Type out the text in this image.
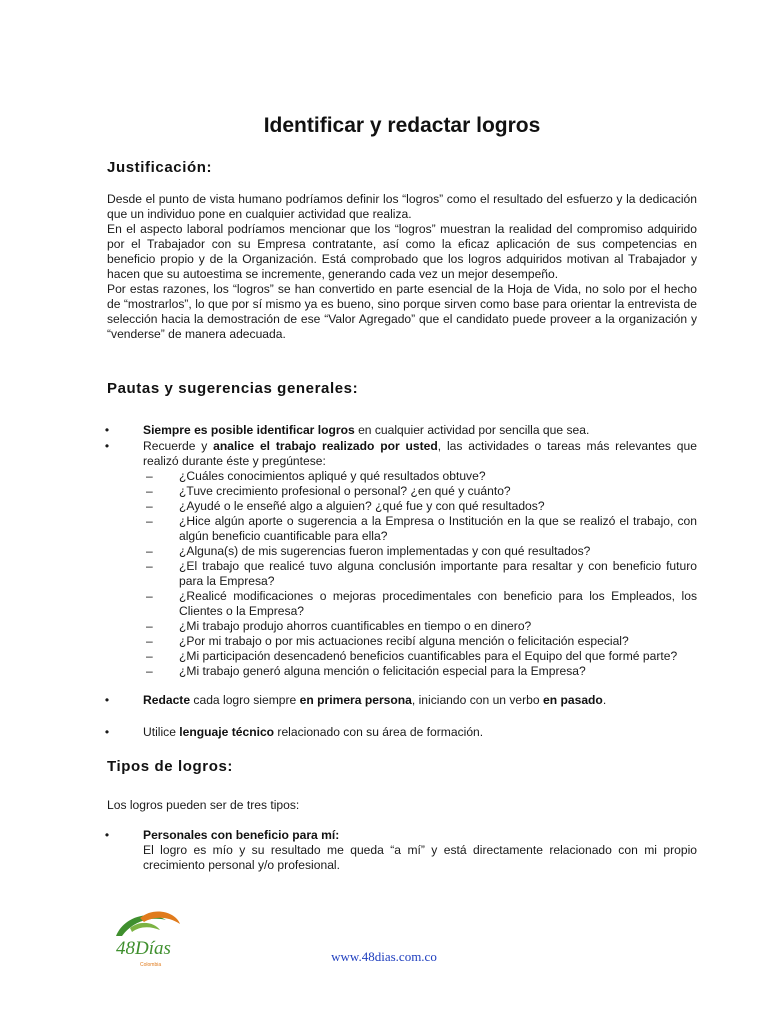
Identificar y redactar logros
Justificación:

Desde el punto de vista humano podríamos definir los “logros” como el resultado del esfuerzo y la dedicación que un individuo pone en cualquier actividad que realiza.

En el aspecto laboral podríamos mencionar que los “logros” muestran la realidad del compromiso adquirido por el Trabajador con su Empresa contratante, así como la eficaz aplicación de sus competencias en beneficio propio y de la Organización. Está comprobado que los logros adquiridos motivan al Trabajador y hacen que su autoestima se incremente, generando cada vez un mejor desempeño.

Por estas razones, los “logros” se han convertido en parte esencial de la Hoja de Vida, no solo por el hecho de “mostrarlos”, lo que por sí mismo ya es bueno, sino porque sirven como base para orientar la entrevista de selección hacia la demostración de ese “Valor Agregado” que el candidato puede proveer a la organización y “venderse” de manera adecuada.

Pautas y sugerencias generales:
•	Siempre es posible identificar logros en cualquier actividad por sencilla que sea.
•	Recuerde y analice el trabajo realizado por usted, las actividades o tareas más relevantes que realizó durante éste y pregúntese:
– ¿Cuáles conocimientos apliqué y qué resultados obtuve?
– ¿Tuve crecimiento profesional o personal? ¿en qué y cuánto?
– ¿Ayudé o le enseñé algo a alguien? ¿qué fue y con qué resultados?
– ¿Hice algún aporte o sugerencia a la Empresa o Institución en la que se realizó el trabajo, con algún beneficio cuantificable para ella?
– ¿Alguna(s) de mis sugerencias fueron implementadas y con qué resultados?
– ¿El trabajo que realicé tuvo alguna conclusión importante para resaltar y con beneficio futuro para la Empresa?
– ¿Realicé modificaciones o mejoras procedimentales con beneficio para los Empleados, los Clientes o la Empresa?
– ¿Mi trabajo produjo ahorros cuantificables en tiempo o en dinero?
– ¿Por mi trabajo o por mis actuaciones recibí alguna mención o felicitación especial?
– ¿Mi participación desencadenó beneficios cuantificables para el Equipo del que formé parte?
– ¿Mi trabajo generó alguna mención o felicitación especial para la Empresa?
•	Redacte cada logro siempre en primera persona, iniciando con un verbo en pasado.
•	Utilice lenguaje técnico relacionado con su área de formación.
Tipos de logros:
Los logros pueden ser de tres tipos:
•	Personales con beneficio para mí:
El logro es mío y su resultado me queda “a mí” y está directamente relacionado con mi propio crecimiento personal y/o profesional.
48Días
Colombia
www.48dias.com.co
